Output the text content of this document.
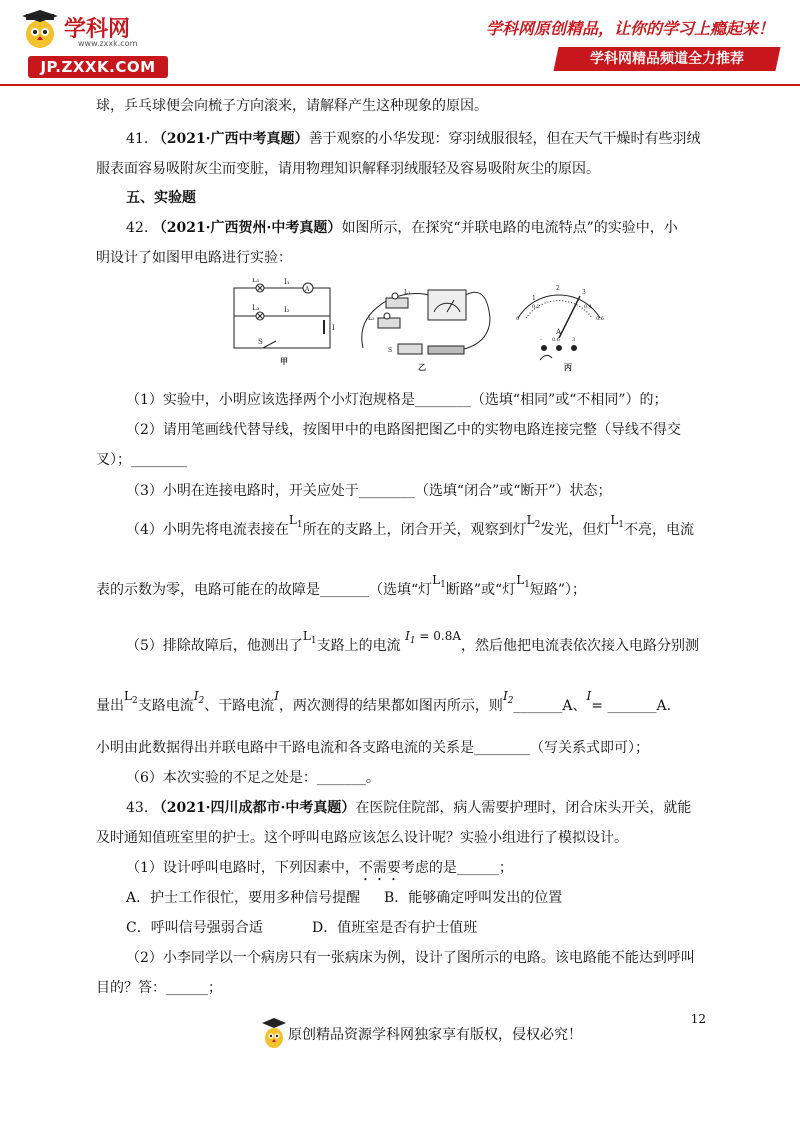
学科网
www.zxxk.com
JP.ZXXK.COM
学科网原创精品，让你的学习上瘾起来！
学科网精品频道全力推荐
球，乒乓球便会向梳子方向滚来，请解释产生这种现象的原因。
41. （2021·广西中考真题）善于观察的小华发现：穿羽绒服很轻，但在天气干燥时有些羽绒
服表面容易吸附灰尘而变脏，请用物理知识解释羽绒服轻及容易吸附灰尘的原因。
五、实验题
42. （2021·广西贺州·中考真题）如图所示，在探究“并联电路的电流特点”的实验中，小
明设计了如图甲电路进行实验：
L₁
L₂
I₁
I₂
A
I
S
甲
L₁
L₂
S
乙
1
2
3
0
0.2	0.4
0.6
A
- 0.6 3
丙
（1）实验中，小明应该选择两个小灯泡规格是________（选填“相同”或“不相同”）的；
（2）请用笔画线代替导线，按图甲中的电路图把图乙中的实物电路连接完整（导线不得交
叉）；________
（3）小明在连接电路时，开关应处于________（选填“闭合”或“断开”）状态；
（4）小明先将电流表接在$L_1$所在的支路上，闭合开关，观察到灯$L_2$发光，但灯$L_1$不亮，电流
表的示数为零，电路可能在的故障是_______（选填“灯$L_1$断路”或“灯$L_1$短路”）；
（5）排除故障后，他测出了$L_1$支路上的电流 $I_1 = 0.8A$，然后他把电流表依次接入电路分别测
量出$L_2$支路电流$I_2$、干路电流I，两次测得的结果都如图丙所示，则$I_2\_\_\_\_\_\_\_A$、I= _______A.
小明由此数据得出并联电路中干路电流和各支路电流的关系是________（写关系式即可）；
（6）本次实验的不足之处是：_______。
43. （2021·四川成都市·中考真题）在医院住院部，病人需要护理时，闭合床头开关，就能
及时通知值班室里的护士。这个呼叫电路应该怎么设计呢？实验小组进行了模拟设计。
（1）设计呼叫电路时，下列因素中，不需要考虑的是______；
A．护士工作很忙，要用多种信号提醒 B．能够确定呼叫发出的位置
C．呼叫信号强弱合适	D．值班室是否有护士值班
（2）小李同学以一个病房只有一张病床为例，设计了图所示的电路。该电路能不能达到呼叫
目的？答：______；
12
原创精品资源学科网独家享有版权，侵权必究！
